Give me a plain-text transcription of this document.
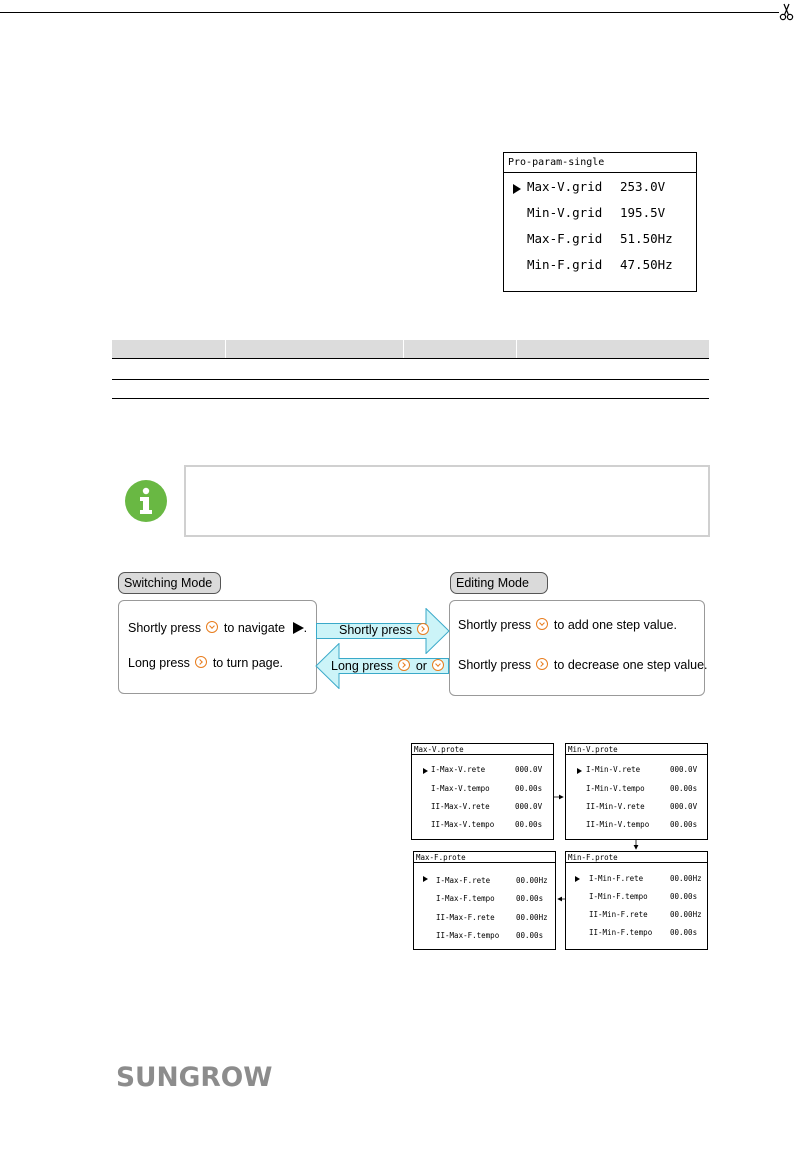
Pro-param-single
Max-V.grid 253.0V
Min-V.grid 195.5V
Max-F.grid 51.50Hz
Min-F.grid 47.50Hz
Switching Mode	Editing Mode
Shortly press to navigate .
Long press to turn page.
Shortly press to add one step value.
Shortly press to decrease one step value.
Shortly press
Long press or
Max-V.prote
I-Max-V.rete	000.0V
I-Max-V.tempo	00.00s
II-Max-V.rete	000.0V
II-Max-V.tempo	00.00s
Min-V.prote
I-Min-V.rete	000.0V
I-Min-V.tempo	00.00s
II-Min-V.rete	000.0V
II-Min-V.tempo	00.00s
Max-F.prote
I-Max-F.rete	00.00Hz
I-Max-F.tempo	00.00s
II-Max-F.rete	00.00Hz
II-Max-F.tempo 00.00s
Min-F.prote
I-Min-F.rete	00.00Hz
I-Min-F.tempo	00.00s
II-Min-F.rete	00.00Hz
II-Min-F.tempo 00.00s
SUNGROW
